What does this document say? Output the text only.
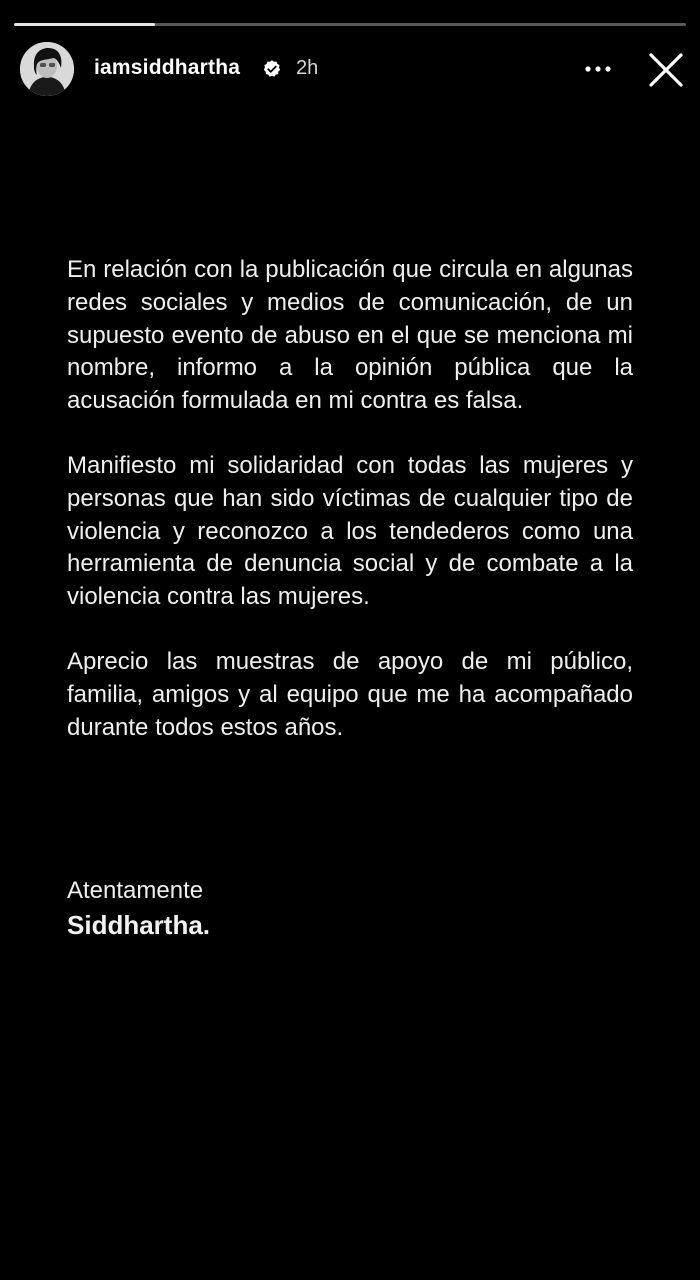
iamsiddhartha	2h

En relación con la publicación que circula en algunas redes sociales y medios de comunicación, de un supuesto evento de abuso en el que se menciona mi nombre, informo a la opinión pública que la acusación formulada en mi contra es falsa.

Manifiesto mi solidaridad con todas las mujeres y personas que han sido víctimas de cualquier tipo de violencia y reconozco a los tendederos como una herramienta de denuncia social y de combate a la violencia contra las mujeres.

Aprecio las muestras de apoyo de mi público, familia, amigos y al equipo que me ha acompañado durante todos estos años.

Atentamente
Siddhartha.
